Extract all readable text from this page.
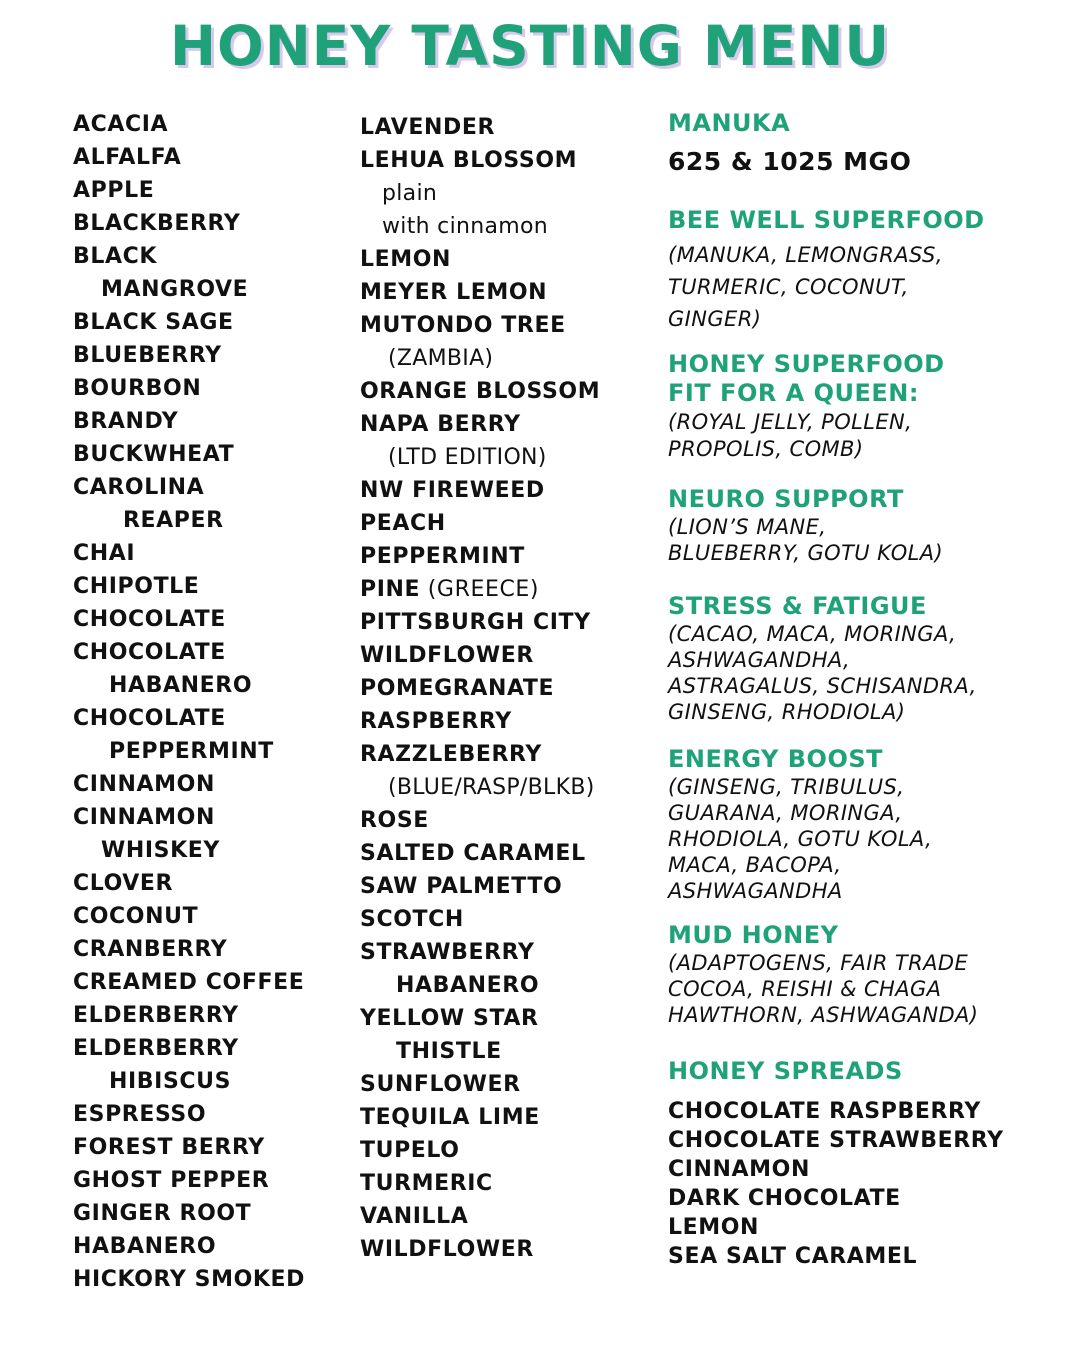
HONEY TASTING MENU
ACACIA
ALFALFA
APPLE
BLACKBERRY
BLACK
MANGROVE
BLACK SAGE
BLUEBERRY
BOURBON
BRANDY
BUCKWHEAT
CAROLINA
REAPER
CHAI
CHIPOTLE
CHOCOLATE
CHOCOLATE
HABANERO
CHOCOLATE
PEPPERMINT
CINNAMON
CINNAMON
WHISKEY
CLOVER
COCONUT
CRANBERRY
CREAMED COFFEE
ELDERBERRY
ELDERBERRY
HIBISCUS
ESPRESSO
FOREST BERRY
GHOST PEPPER
GINGER ROOT
HABANERO
HICKORY SMOKED
LAVENDER
LEHUA BLOSSOM
plain
with cinnamon
LEMON
MEYER LEMON
MUTONDO TREE
(ZAMBIA)
ORANGE BLOSSOM
NAPA BERRY
(LTD EDITION)
NW FIREWEED
PEACH
PEPPERMINT
PINE (GREECE)
PITTSBURGH CITY
WILDFLOWER
POMEGRANATE
RASPBERRY
RAZZLEBERRY
(BLUE/RASP/BLKB)
ROSE
SALTED CARAMEL
SAW PALMETTO
SCOTCH
STRAWBERRY
HABANERO
YELLOW STAR
THISTLE
SUNFLOWER
TEQUILA LIME
TUPELO
TURMERIC
VANILLA
WILDFLOWER
MANUKA
625 & 1025 MGO
BEE WELL SUPERFOOD
(MANUKA, LEMONGRASS,
TURMERIC, COCONUT,
GINGER)
HONEY SUPERFOOD
FIT FOR A QUEEN:
(ROYAL JELLY, POLLEN,
PROPOLIS, COMB)
NEURO SUPPORT
(LION’S MANE,
BLUEBERRY, GOTU KOLA)
STRESS & FATIGUE
(CACAO, MACA, MORINGA,
ASHWAGANDHA,
ASTRAGALUS, SCHISANDRA,
GINSENG, RHODIOLA)
ENERGY BOOST
(GINSENG, TRIBULUS,
GUARANA, MORINGA,
RHODIOLA, GOTU KOLA,
MACA, BACOPA,
ASHWAGANDHA
MUD HONEY
(ADAPTOGENS, FAIR TRADE
COCOA, REISHI & CHAGA
HAWTHORN, ASHWAGANDA)
HONEY SPREADS
CHOCOLATE RASPBERRY
CHOCOLATE STRAWBERRY
CINNAMON
DARK CHOCOLATE
LEMON
SEA SALT CARAMEL
